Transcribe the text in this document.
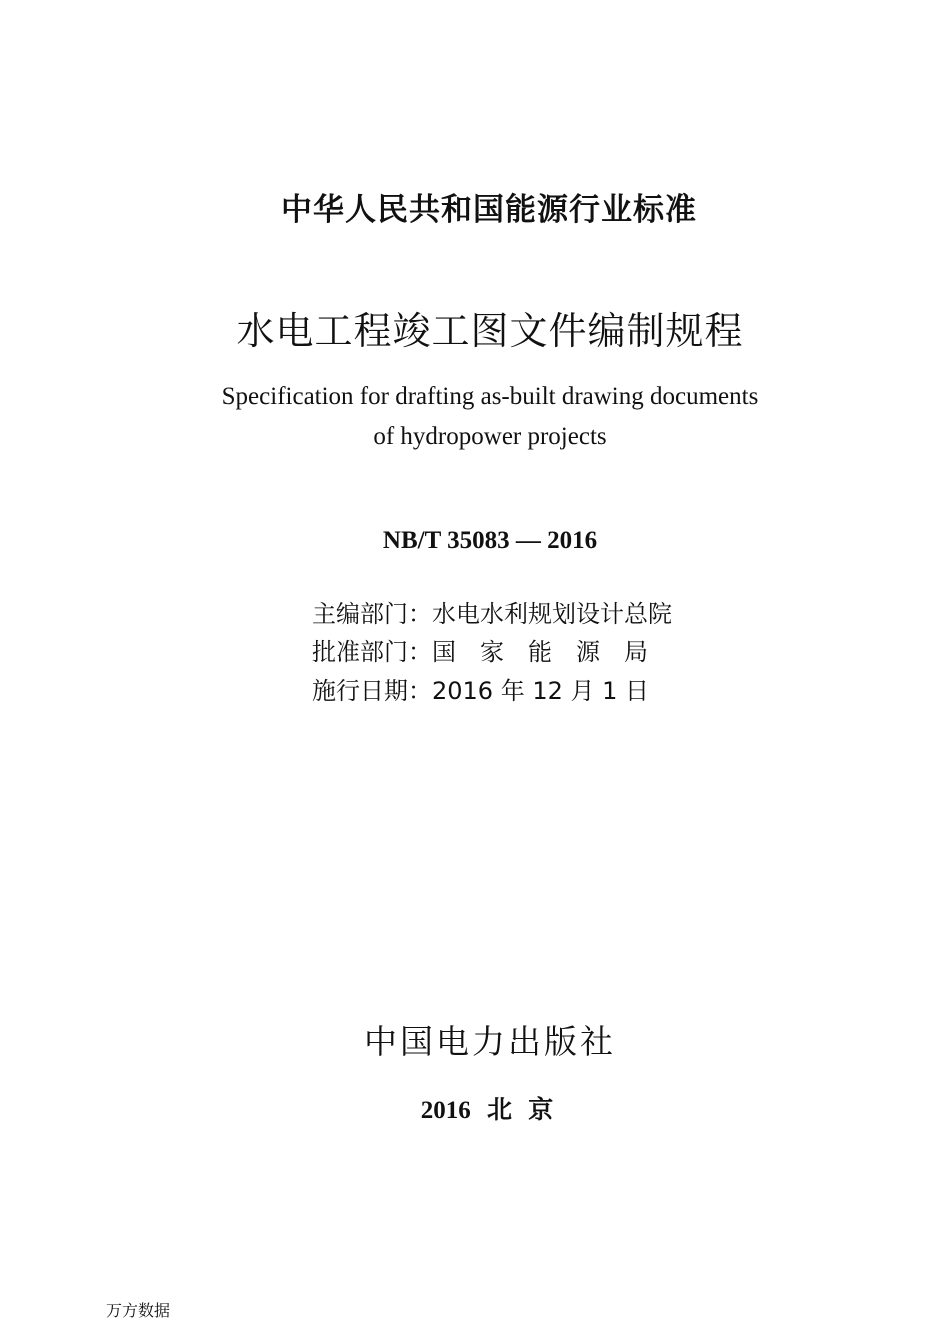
中华人民共和国能源行业标准
水电工程竣工图文件编制规程
Specification for drafting as-built drawing documents
of hydropower projects
NB/T 35083 — 2016
主编部门：水电水利规划设计总院
批准部门：国　家　能　源　局
施行日期：2016 年 12 月 1 日
中国电力出版社
2016 北 京
万方数据
